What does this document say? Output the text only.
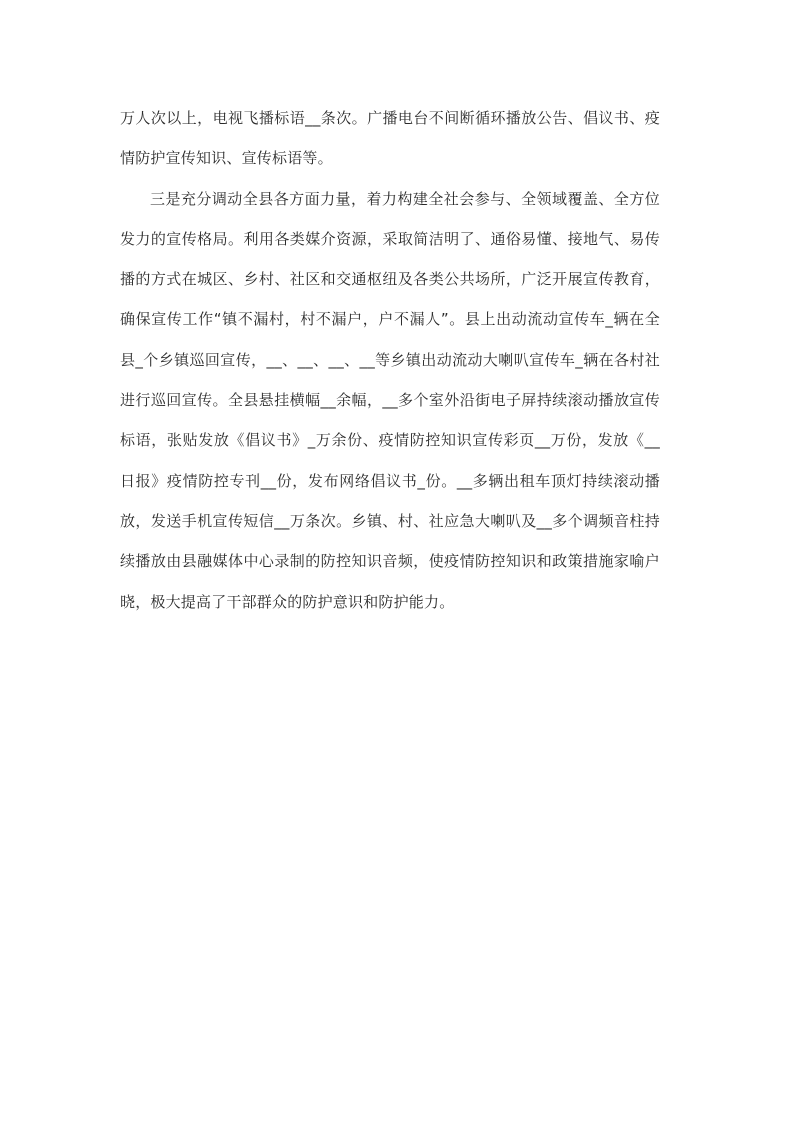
万人次以上，电视飞播标语__条次。广播电台不间断循环播放公告、倡议书、疫情防护宣传知识、宣传标语等。

三是充分调动全县各方面力量，着力构建全社会参与、全领域覆盖、全方位发力的宣传格局。利用各类媒介资源，采取简洁明了、通俗易懂、接地气、易传播的方式在城区、乡村、社区和交通枢纽及各类公共场所，广泛开展宣传教育，确保宣传工作“镇不漏村，村不漏户，户不漏人”。县上出动流动宣传车_辆在全县_个乡镇巡回宣传，__、__、__、__等乡镇出动流动大喇叭宣传车_辆在各村社进行巡回宣传。全县悬挂横幅__余幅，__多个室外沿街电子屏持续滚动播放宣传标语，张贴发放《倡议书》_万余份、疫情防控知识宣传彩页__万份，发放《__日报》疫情防控专刊__份，发布网络倡议书_份。__多辆出租车顶灯持续滚动播放，发送手机宣传短信__万条次。乡镇、村、社应急大喇叭及__多个调频音柱持续播放由县融媒体中心录制的防控知识音频，使疫情防控知识和政策措施家喻户晓，极大提高了干部群众的防护意识和防护能力。
